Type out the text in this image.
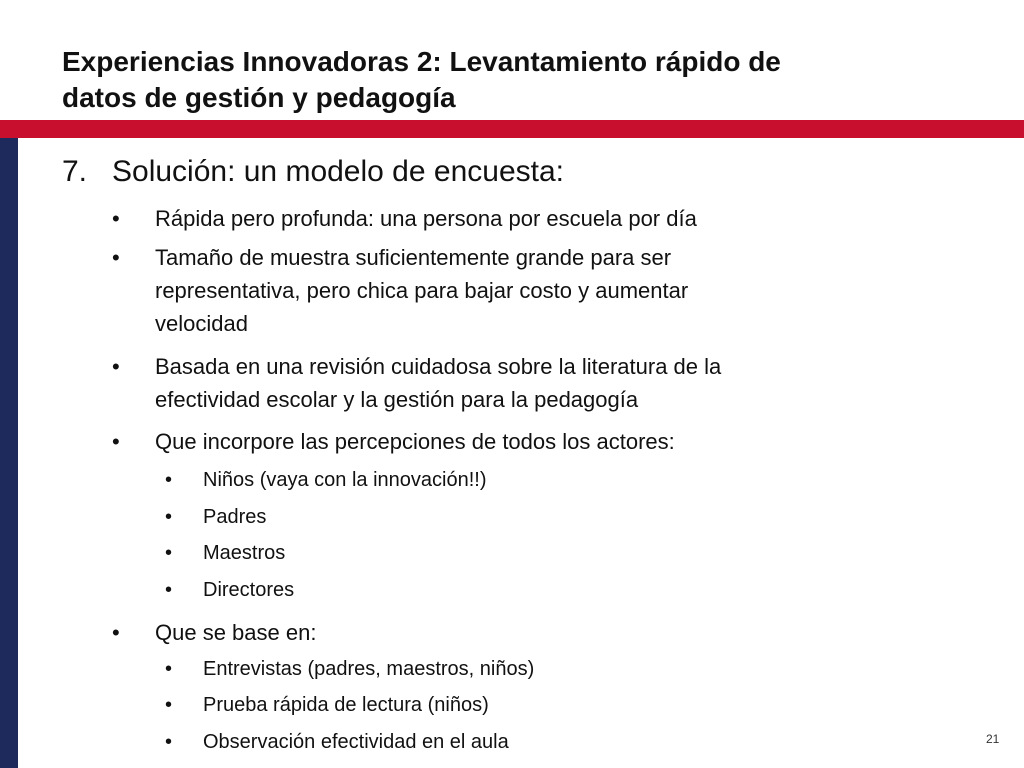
Experiencias Innovadoras 2: Levantamiento rápido de
datos de gestión y pedagogía
7. Solución: un modelo de encuesta:
• Rápida pero profunda: una persona por escuela por día
• Tamaño de muestra suficientemente grande para ser
representativa, pero chica para bajar costo y aumentar
velocidad
• Basada en una revisión cuidadosa sobre la literatura de la
efectividad escolar y la gestión para la pedagogía
• Que incorpore las percepciones de todos los actores:
• Niños (vaya con la innovación!!)
• Padres
• Maestros
• Directores
• Que se base en:
• Entrevistas (padres, maestros, niños)
• Prueba rápida de lectura (niños)
• Observación efectividad en el aula	21
